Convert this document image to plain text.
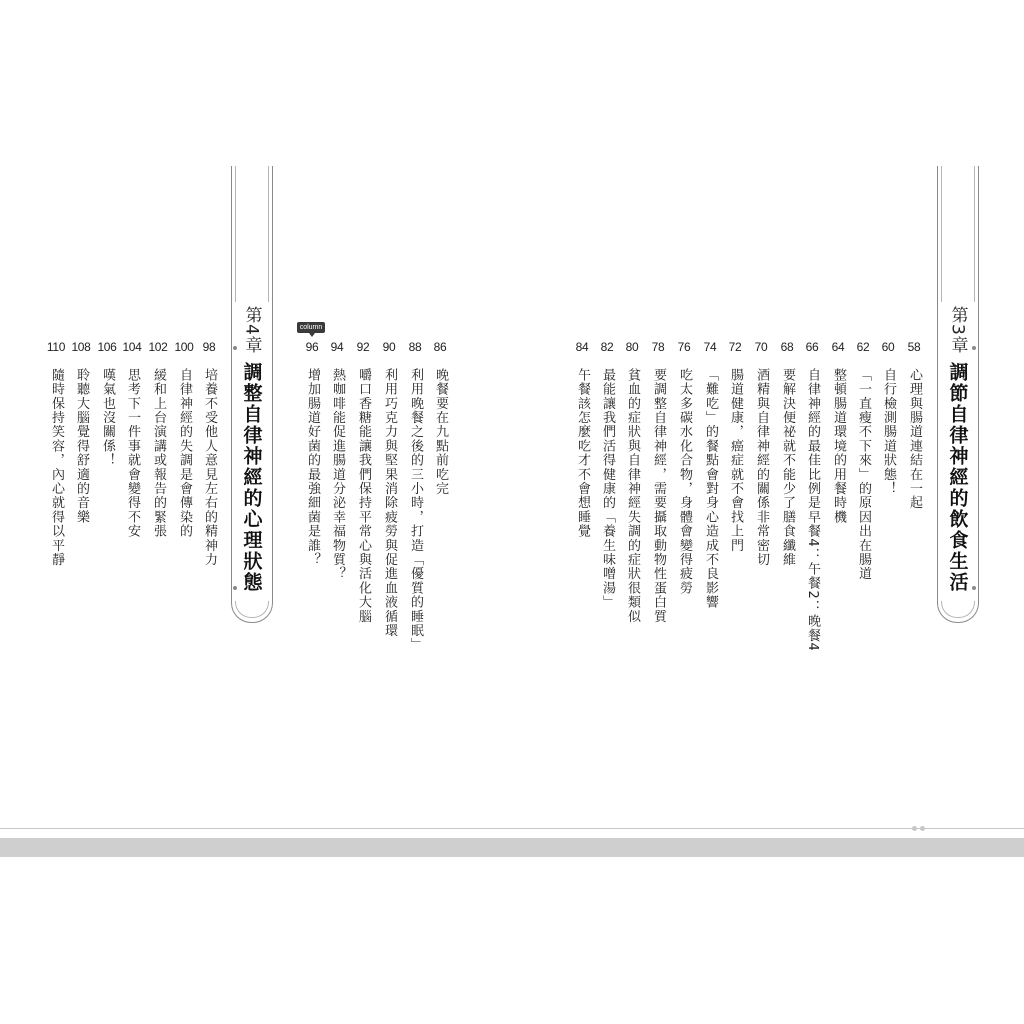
第3章
調節自律神經的飲食生活
58
心理與腸道連結在一起
60
自行檢測腸道狀態！
62
「一直瘦不下來」的原因出在腸道
64
整頓腸道環境的用餐時機
66
自律神經的最佳比例是早餐4：午餐2：晚餐4
68
要解決便祕就不能少了膳食纖維
70
酒精與自律神經的關係非常密切
72
腸道健康，癌症就不會找上門
74
「難吃」的餐點會對身心造成不良影響
76
吃太多碳水化合物，身體會變得疲勞
78
要調整自律神經，需要攝取動物性蛋白質
80
貧血的症狀與自律神經失調的症狀很類似
82
最能讓我們活得健康的「養生味噌湯」
84
午餐該怎麼吃才不會想睡覺
86
晚餐要在九點前吃完
88
利用晚餐之後的三小時，打造「優質的睡眠」
90
利用巧克力與堅果消除疲勞與促進血液循環
92
嚼口香糖能讓我們保持平常心與活化大腦
94
熱咖啡能促進腸道分泌幸福物質？
column
96
增加腸道好菌的最強細菌是誰？
第4章
調整自律神經的心理狀態
98
培養不受他人意見左右的精神力
100
自律神經的失調是會傳染的
102
緩和上台演講或報告的緊張
104
思考下一件事就會變得不安
106
嘆氣也沒關係！
108
聆聽大腦覺得舒適的音樂
110
隨時保持笑容，內心就得以平靜
